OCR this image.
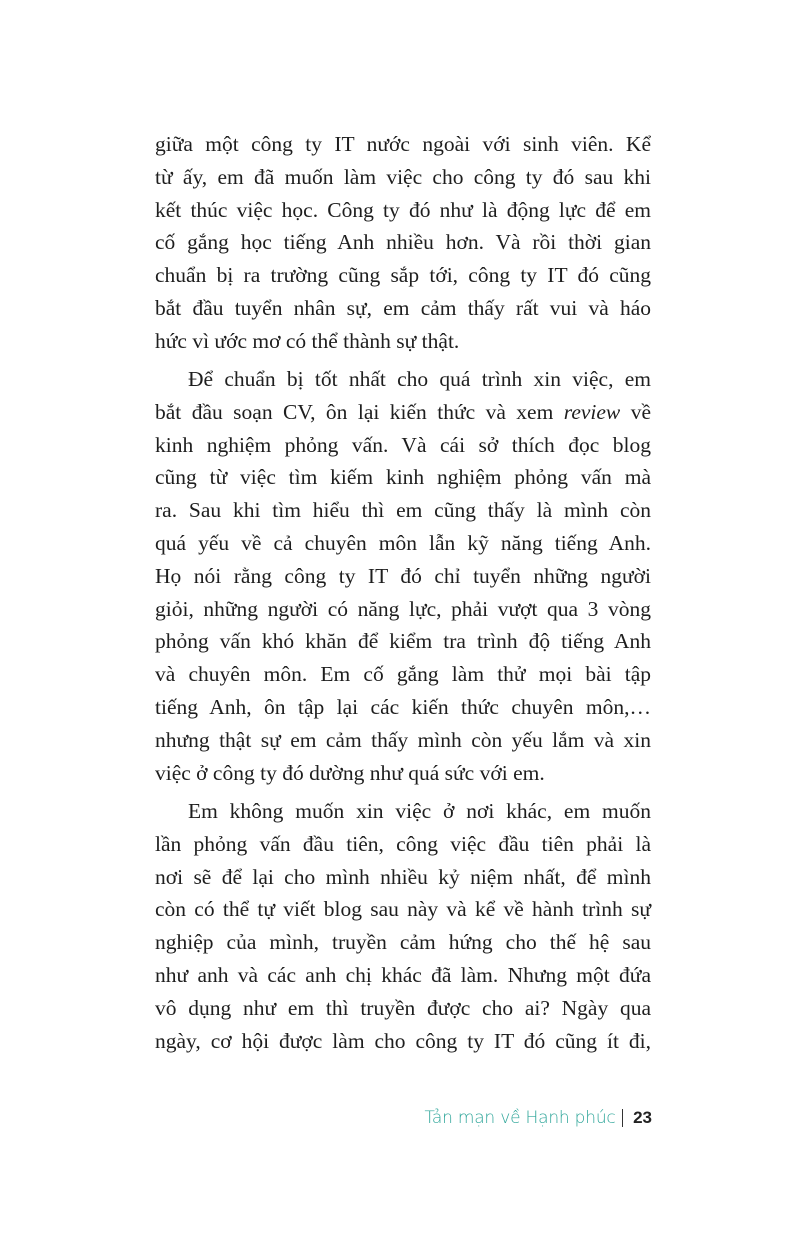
giữa một công ty IT nước ngoài với sinh viên. Kể
từ ấy, em đã muốn làm việc cho công ty đó sau khi
kết thúc việc học. Công ty đó như là động lực để em
cố gắng học tiếng Anh nhiều hơn. Và rồi thời gian
chuẩn bị ra trường cũng sắp tới, công ty IT đó cũng
bắt đầu tuyển nhân sự, em cảm thấy rất vui và háo
hức vì ước mơ có thể thành sự thật.
Để chuẩn bị tốt nhất cho quá trình xin việc, em
bắt đầu soạn CV, ôn lại kiến thức và xem review về
kinh nghiệm phỏng vấn. Và cái sở thích đọc blog
cũng từ việc tìm kiếm kinh nghiệm phỏng vấn mà
ra. Sau khi tìm hiểu thì em cũng thấy là mình còn
quá yếu về cả chuyên môn lẫn kỹ năng tiếng Anh.
Họ nói rằng công ty IT đó chỉ tuyển những người
giỏi, những người có năng lực, phải vượt qua 3 vòng
phỏng vấn khó khăn để kiểm tra trình độ tiếng Anh
và chuyên môn. Em cố gắng làm thử mọi bài tập
tiếng Anh, ôn tập lại các kiến thức chuyên môn,…
nhưng thật sự em cảm thấy mình còn yếu lắm và xin
việc ở công ty đó dường như quá sức với em.
Em không muốn xin việc ở nơi khác, em muốn
lần phỏng vấn đầu tiên, công việc đầu tiên phải là
nơi sẽ để lại cho mình nhiều kỷ niệm nhất, để mình
còn có thể tự viết blog sau này và kể về hành trình sự
nghiệp của mình, truyền cảm hứng cho thế hệ sau
như anh và các anh chị khác đã làm. Nhưng một đứa
vô dụng như em thì truyền được cho ai? Ngày qua
ngày, cơ hội được làm cho công ty IT đó cũng ít đi,
Tản mạn về Hạnh phúc 23
